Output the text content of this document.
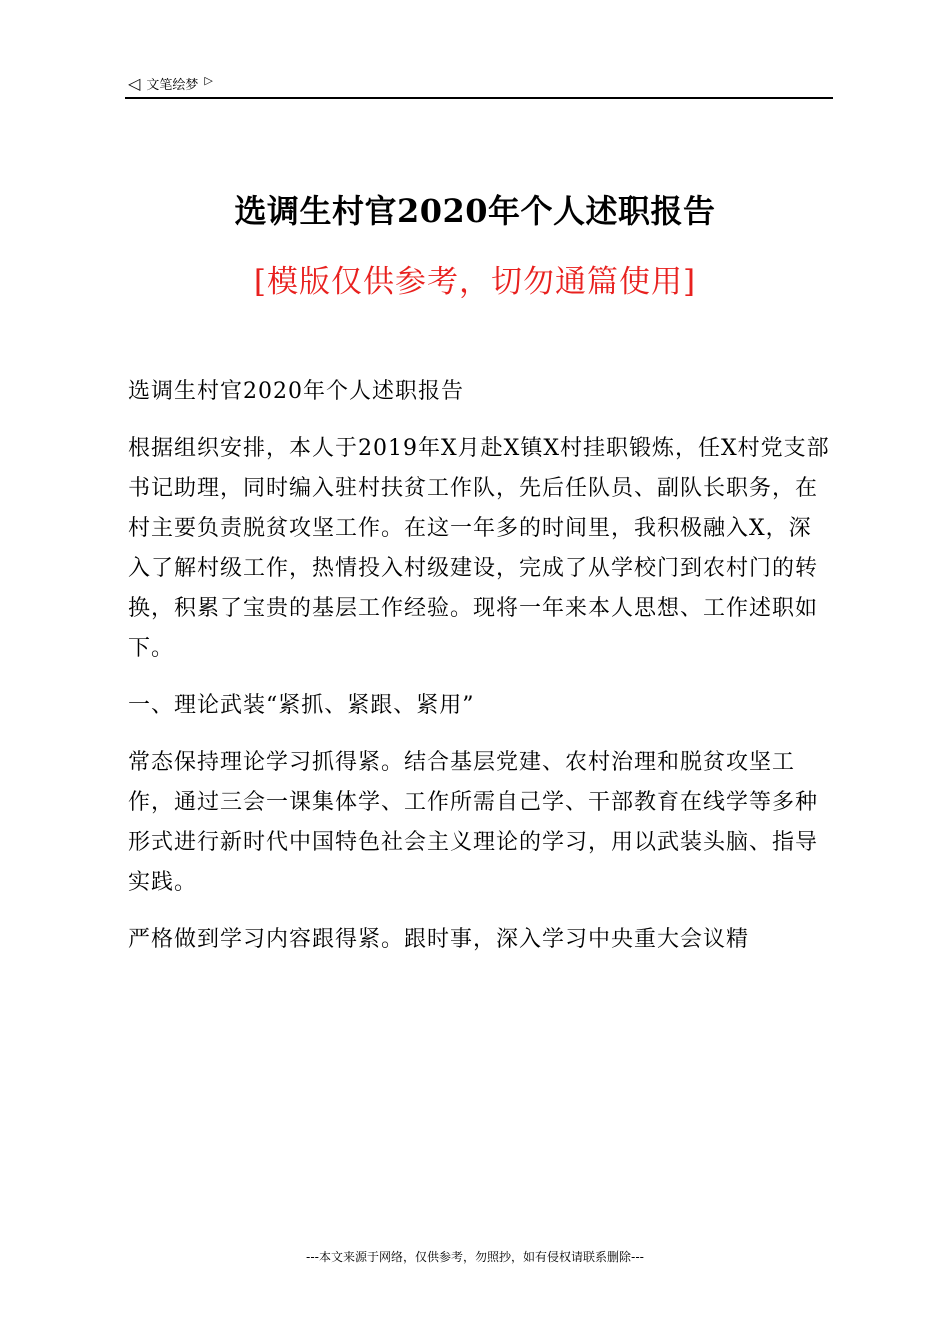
◁ 文笔绘梦 ▷
选调生村官2020年个人述职报告
[模版仅供参考，切勿通篇使用]

选调生村官2020年个人述职报告

根据组织安排，本人于2019年X月赴X镇X村挂职锻炼，任X村党支部书记助理，同时编入驻村扶贫工作队，先后任队员、副队长职务，在村主要负责脱贫攻坚工作。在这一年多的时间里，我积极融入X，深入了解村级工作，热情投入村级建设，完成了从学校门到农村门的转换，积累了宝贵的基层工作经验。现将一年来本人思想、工作述职如下。

一、理论武装“紧抓、紧跟、紧用”

常态保持理论学习抓得紧。结合基层党建、农村治理和脱贫攻坚工作，通过三会一课集体学、工作所需自己学、干部教育在线学等多种形式进行新时代中国特色社会主义理论的学习，用以武装头脑、指导实践。

严格做到学习内容跟得紧。跟时事，深入学习中央重大会议精

---本文来源于网络，仅供参考，勿照抄，如有侵权请联系删除---
